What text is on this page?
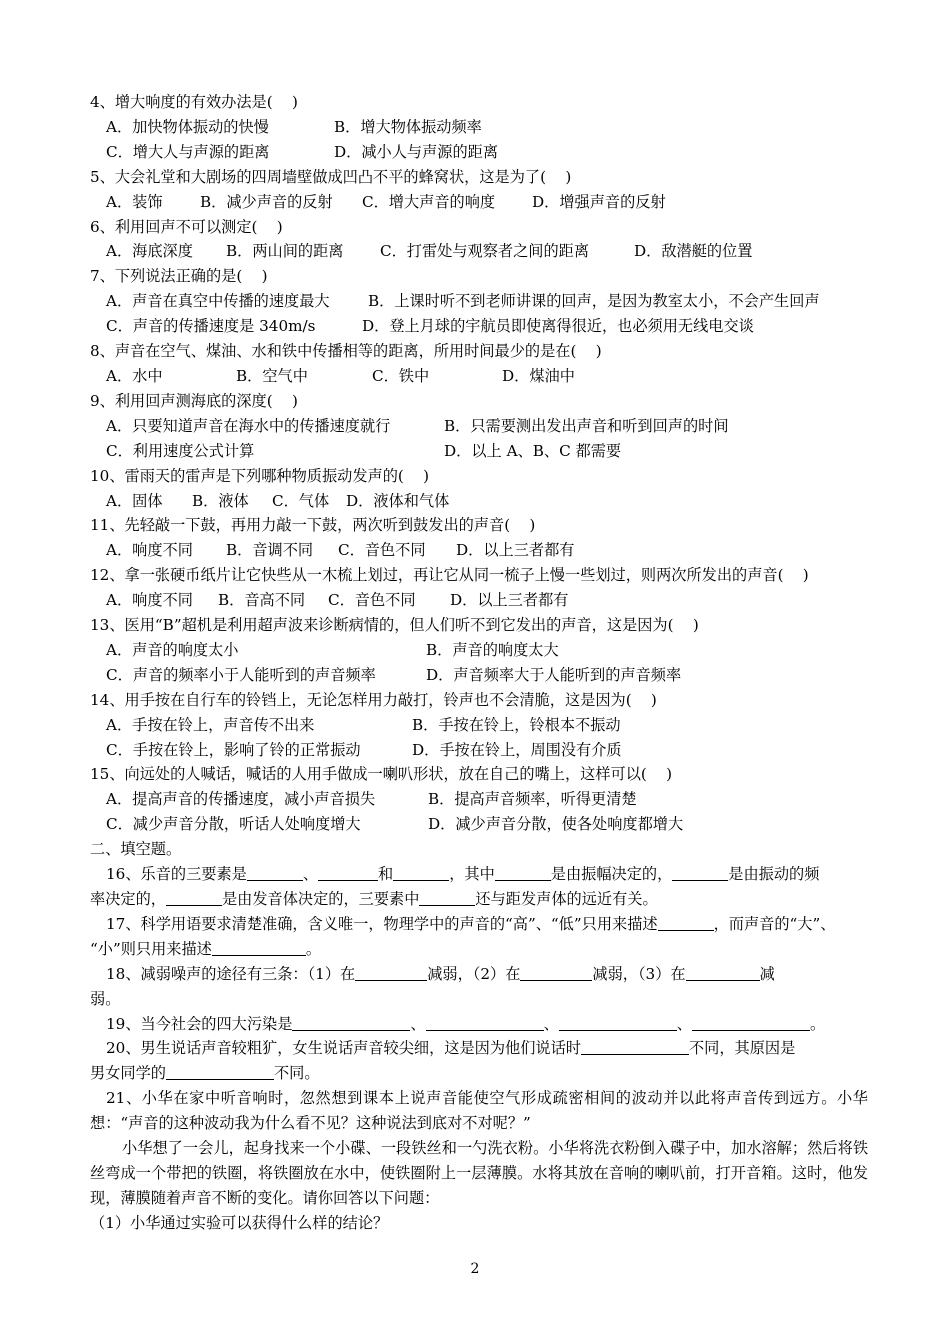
4、增大响度的有效办法是(    )
A．加快物体振动的快慢	B．增大物体振动频率
C．增大人与声源的距离	D．减小人与声源的距离
5、大会礼堂和大剧场的四周墙壁做成凹凸不平的蜂窝状，这是为了(    )
A．装饰	B．减少声音的反射	C．增大声音的响度	D．增强声音的反射
6、利用回声不可以测定(    )
A．海底深度	B．两山间的距离	C．打雷处与观察者之间的距离	D．敌潜艇的位置
7、下列说法正确的是(    )
A．声音在真空中传播的速度最大	B．上课时听不到老师讲课的回声，是因为教室太小，不会产生回声
C．声音的传播速度是 340m/s	D．登上月球的宇航员即使离得很近，也必须用无线电交谈
8、声音在空气、煤油、水和铁中传播相等的距离，所用时间最少的是在(    )
A．水中	B．空气中	C．铁中	D．煤油中
9、利用回声测海底的深度(    )
A．只要知道声音在海水中的传播速度就行	B．只需要测出发出声音和听到回声的时间
C．利用速度公式计算	D．以上 A、B、C 都需要
10、雷雨天的雷声是下列哪种物质振动发声的(    )
A．固体	B．液体	C．气体	D．液体和气体
11、先轻敲一下鼓，再用力敲一下鼓，两次听到鼓发出的声音(    )
A．响度不同	B．音调不同	C．音色不同	D．以上三者都有
12、拿一张硬币纸片让它快些从一木梳上划过，再让它从同一梳子上慢一些划过，则两次所发出的声音(    )
A．响度不同	B．音高不同	C．音色不同	D．以上三者都有
13、医用“B”超机是利用超声波来诊断病情的，但人们听不到它发出的声音，这是因为(    )
A．声音的响度太小	B．声音的响度太大
C．声音的频率小于人能听到的声音频率	D．声音频率大于人能听到的声音频率
14、用手按在自行车的铃铛上，无论怎样用力敲打，铃声也不会清脆，这是因为(    )
A．手按在铃上，声音传不出来	B．手按在铃上，铃根本不振动
C．手按在铃上，影响了铃的正常振动	D．手按在铃上，周围没有介质
15、向远处的人喊话，喊话的人用手做成一喇叭形状，放在自己的嘴上，这样可以(    )
A．提高声音的传播速度，减小声音损失	B．提高声音频率，听得更清楚
C．减少声音分散，听话人处响度增大	D．减少声音分散，使各处响度都增大
二、填空题。
16、乐音的三要素是	、	和	，其中	是由振幅决定的，	是由振动的频
率决定的，	是由发音体决定的，三要素中	还与距发声体的远近有关。
17、科学用语要求清楚准确，含义唯一，物理学中的声音的“高”、“低”只用来描述	，而声音的“大”、
“小”则只用来描述	。
18、减弱噪声的途径有三条：（1）在	减弱，（2）在	减弱，（3）在	减
弱。
19、当今社会的四大污染是	、	、	、	。
20、男生说话声音较粗犷，女生说话声音较尖细，这是因为他们说话时	不同，其原因是
男女同学的	不同。
21、小华在家中听音响时，忽然想到课本上说声音能使空气形成疏密相间的波动并以此将声音传到远方。小华想：“声音的这种波动我为什么看不见？这种说法到底对不对呢？”
小华想了一会儿，起身找来一个小碟、一段铁丝和一勺洗衣粉。小华将洗衣粉倒入碟子中，加水溶解；然后将铁丝弯成一个带把的铁圈，将铁圈放在水中，使铁圈附上一层薄膜。水将其放在音响的喇叭前，打开音箱。这时，他发现，薄膜随着声音不断的变化。请你回答以下问题：
（1）小华通过实验可以获得什么样的结论？
2
